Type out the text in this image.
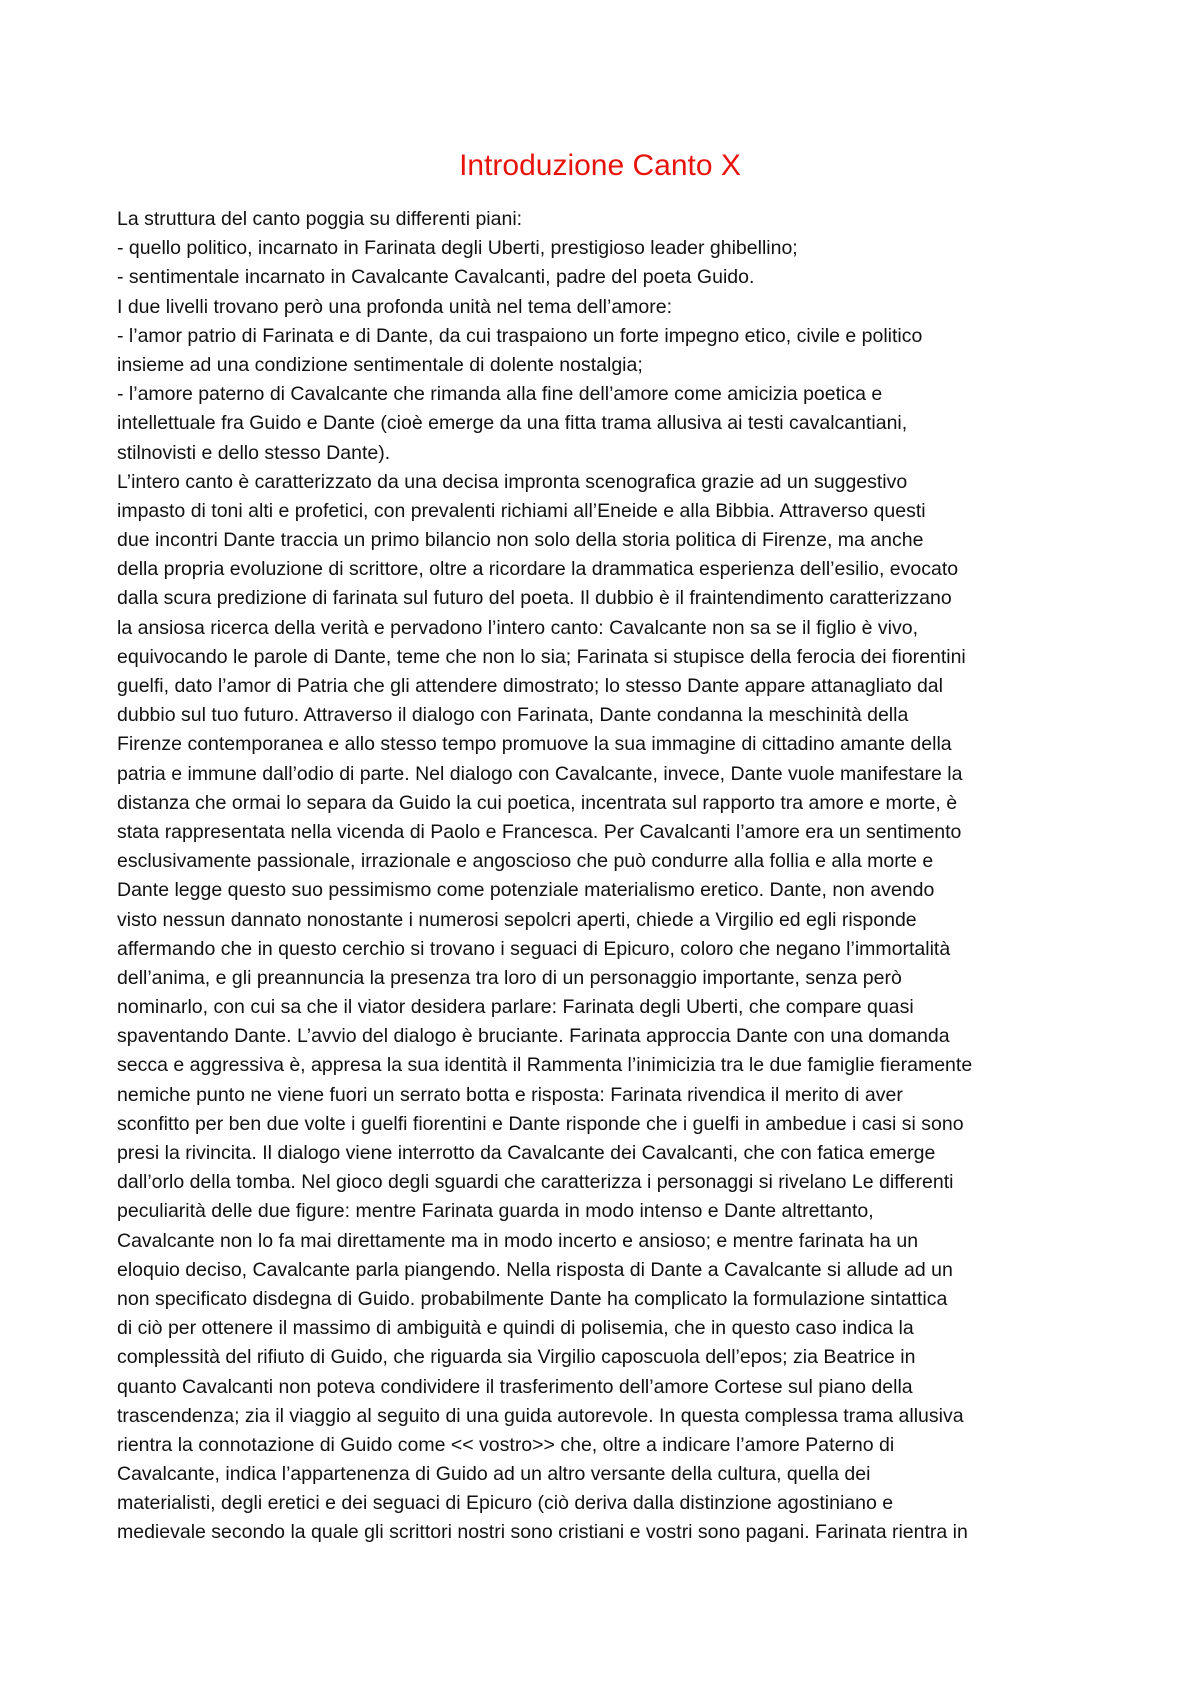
Introduzione Canto X
La struttura del canto poggia su differenti piani:
- quello politico, incarnato in Farinata degli Uberti, prestigioso leader ghibellino;
- sentimentale incarnato in Cavalcante Cavalcanti, padre del poeta Guido.
I due livelli trovano però una profonda unità nel tema dell’amore:
- l’amor patrio di Farinata e di Dante, da cui traspaiono un forte impegno etico, civile e politico
insieme ad una condizione sentimentale di dolente nostalgia;
- l’amore paterno di Cavalcante che rimanda alla fine dell’amore come amicizia poetica e
intellettuale fra Guido e Dante (cioè emerge da una fitta trama allusiva ai testi cavalcantiani,
stilnovisti e dello stesso Dante).
L’intero canto è caratterizzato da una decisa impronta scenografica grazie ad un suggestivo
impasto di toni alti e profetici, con prevalenti richiami all’Eneide e alla Bibbia. Attraverso questi
due incontri Dante traccia un primo bilancio non solo della storia politica di Firenze, ma anche
della propria evoluzione di scrittore, oltre a ricordare la drammatica esperienza dell’esilio, evocato
dalla scura predizione di farinata sul futuro del poeta. Il dubbio è il fraintendimento caratterizzano
la ansiosa ricerca della verità e pervadono l’intero canto: Cavalcante non sa se il figlio è vivo,
equivocando le parole di Dante, teme che non lo sia; Farinata si stupisce della ferocia dei fiorentini
guelfi, dato l’amor di Patria che gli attendere dimostrato; lo stesso Dante appare attanagliato dal
dubbio sul tuo futuro. Attraverso il dialogo con Farinata, Dante condanna la meschinità della
Firenze contemporanea e allo stesso tempo promuove la sua immagine di cittadino amante della
patria e immune dall’odio di parte. Nel dialogo con Cavalcante, invece, Dante vuole manifestare la
distanza che ormai lo separa da Guido la cui poetica, incentrata sul rapporto tra amore e morte, è
stata rappresentata nella vicenda di Paolo e Francesca. Per Cavalcanti l’amore era un sentimento
esclusivamente passionale, irrazionale e angoscioso che può condurre alla follia e alla morte e
Dante legge questo suo pessimismo come potenziale materialismo eretico. Dante, non avendo
visto nessun dannato nonostante i numerosi sepolcri aperti, chiede a Virgilio ed egli risponde
affermando che in questo cerchio si trovano i seguaci di Epicuro, coloro che negano l’immortalità
dell’anima, e gli preannuncia la presenza tra loro di un personaggio importante, senza però
nominarlo, con cui sa che il viator desidera parlare: Farinata degli Uberti, che compare quasi
spaventando Dante. L’avvio del dialogo è bruciante. Farinata approccia Dante con una domanda
secca e aggressiva è, appresa la sua identità il Rammenta l’inimicizia tra le due famiglie fieramente
nemiche punto ne viene fuori un serrato botta e risposta: Farinata rivendica il merito di aver
sconfitto per ben due volte i guelfi fiorentini e Dante risponde che i guelfi in ambedue i casi si sono
presi la rivincita. Il dialogo viene interrotto da Cavalcante dei Cavalcanti, che con fatica emerge
dall’orlo della tomba. Nel gioco degli sguardi che caratterizza i personaggi si rivelano Le differenti
peculiarità delle due figure: mentre Farinata guarda in modo intenso e Dante altrettanto,
Cavalcante non lo fa mai direttamente ma in modo incerto e ansioso; e mentre farinata ha un
eloquio deciso, Cavalcante parla piangendo. Nella risposta di Dante a Cavalcante si allude ad un
non specificato disdegna di Guido. probabilmente Dante ha complicato la formulazione sintattica
di ciò per ottenere il massimo di ambiguità e quindi di polisemia, che in questo caso indica la
complessità del rifiuto di Guido, che riguarda sia Virgilio caposcuola dell’epos; zia Beatrice in
quanto Cavalcanti non poteva condividere il trasferimento dell’amore Cortese sul piano della
trascendenza; zia il viaggio al seguito di una guida autorevole. In questa complessa trama allusiva
rientra la connotazione di Guido come << vostro>> che, oltre a indicare l’amore Paterno di
Cavalcante, indica l’appartenenza di Guido ad un altro versante della cultura, quella dei
materialisti, degli eretici e dei seguaci di Epicuro (ciò deriva dalla distinzione agostiniano e
medievale secondo la quale gli scrittori nostri sono cristiani e vostri sono pagani. Farinata rientra in
